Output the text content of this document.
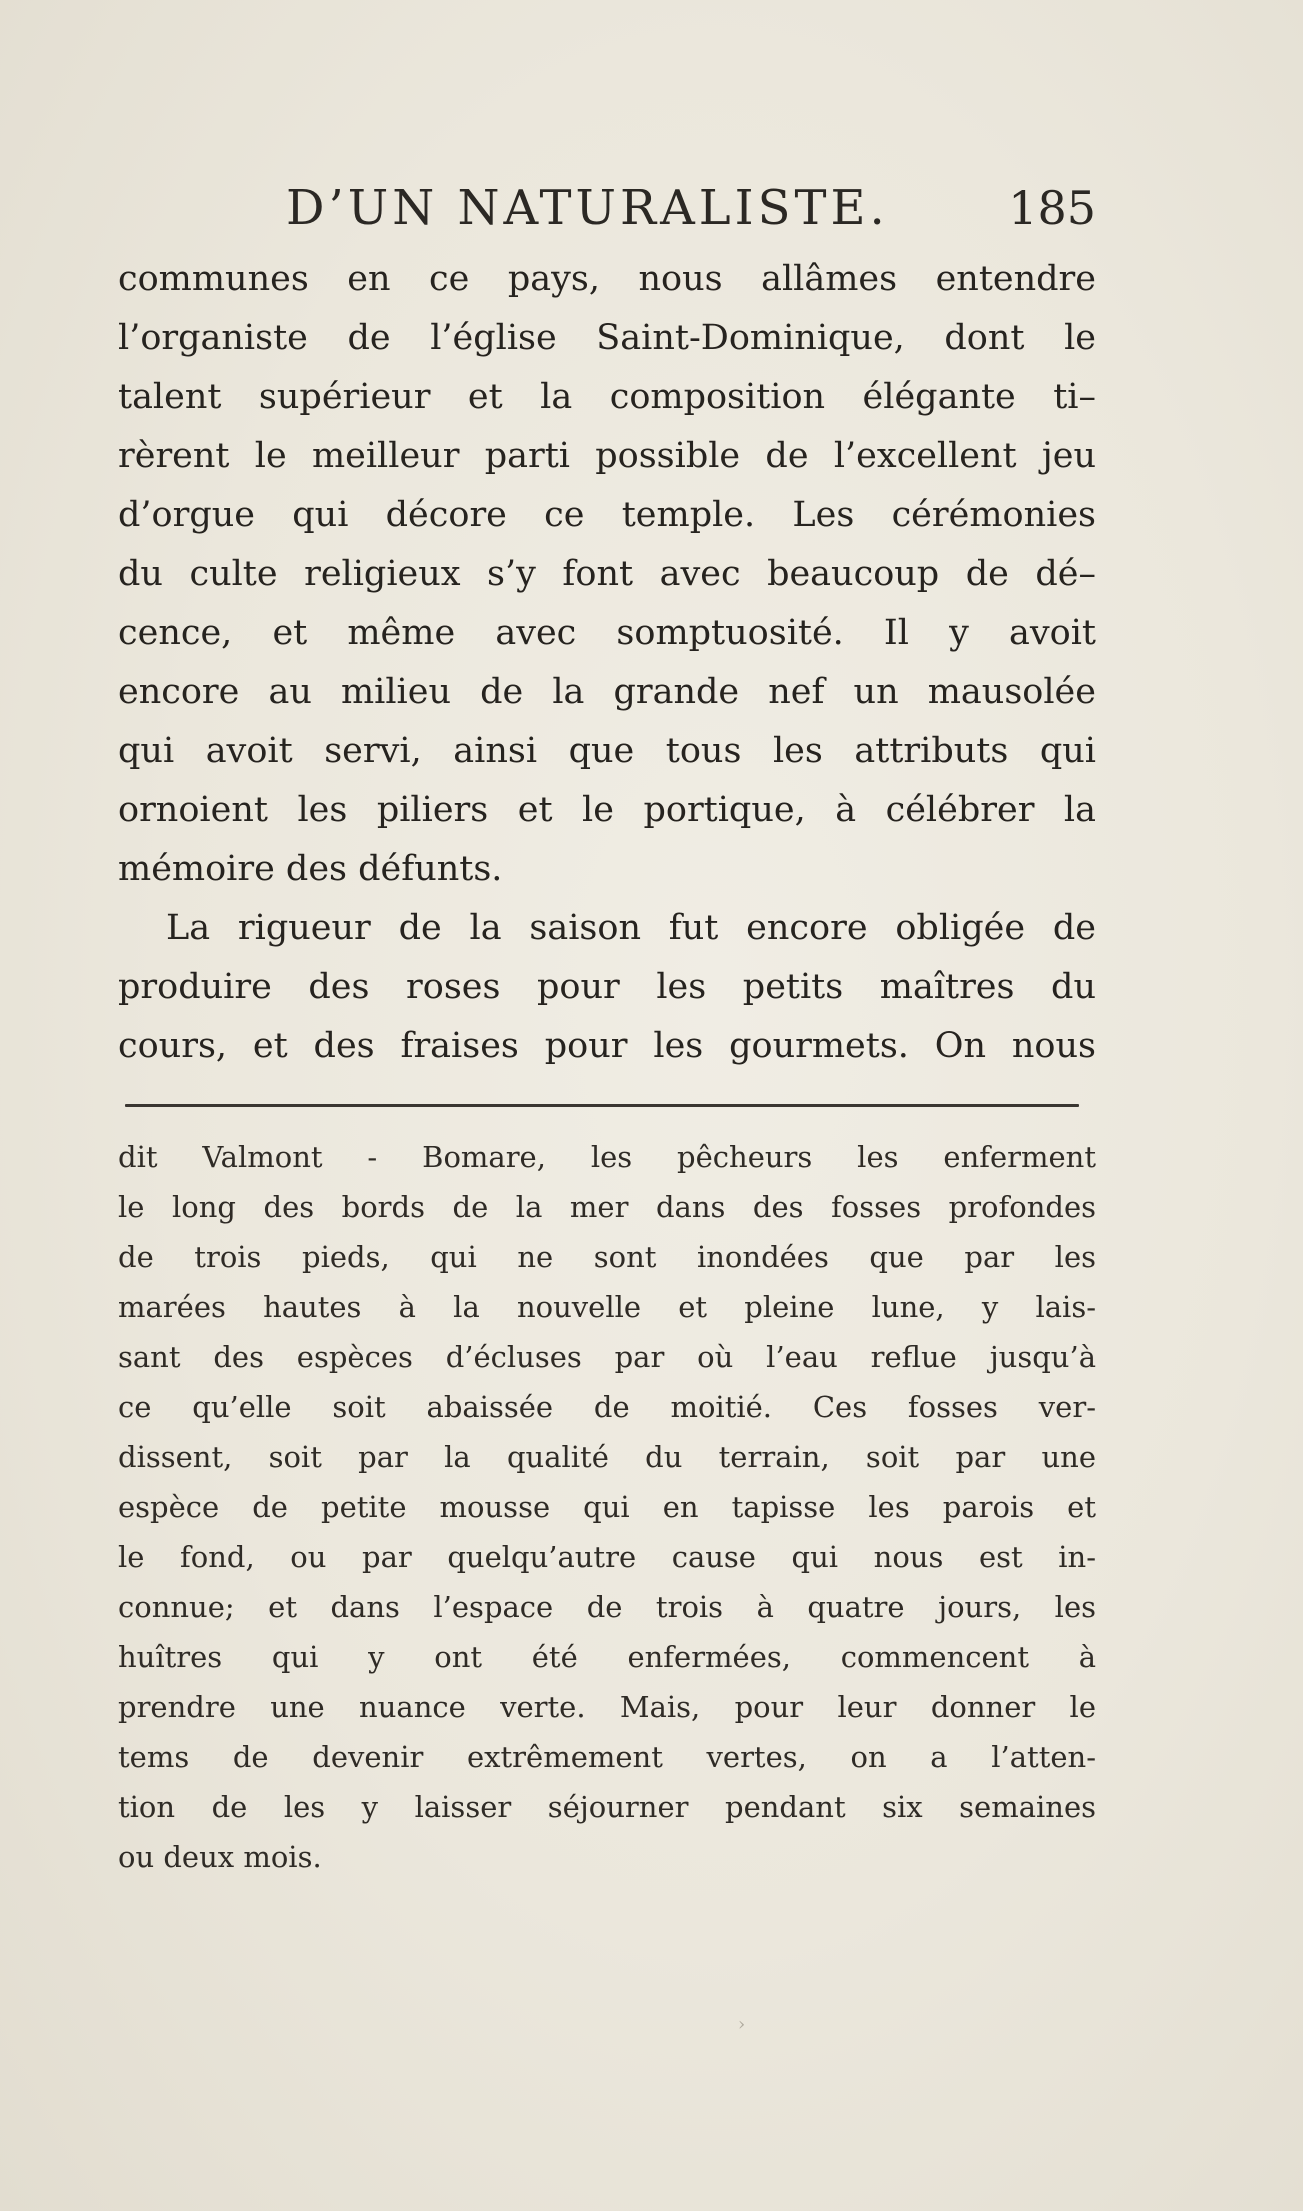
D’UN NATURALISTE.	185
communes en ce pays, nous allâmes entendre
l’organiste de l’église Saint-Dominique, dont le
talent supérieur et la composition élégante ti–
rèrent le meilleur parti possible de l’excellent jeu
d’orgue qui décore ce temple. Les cérémonies
du culte religieux s’y font avec beaucoup de dé–
cence, et même avec somptuosité. Il y avoit
encore au milieu de la grande nef un mausolée
qui avoit servi, ainsi que tous les attributs qui
ornoient les piliers et le portique, à célébrer la
mémoire des défunts.
La rigueur de la saison fut encore obligée de
produire des roses pour les petits maîtres du
cours, et des fraises pour les gourmets. On nous
dit Valmont - Bomare, les pêcheurs les enferment
le long des bords de la mer dans des fosses profondes
de trois pieds, qui ne sont inondées que par les
marées hautes à la nouvelle et pleine lune, y lais-
sant des espèces d’écluses par où l’eau reflue jusqu’à
ce qu’elle soit abaissée de moitié. Ces fosses ver-
dissent, soit par la qualité du terrain, soit par une
espèce de petite mousse qui en tapisse les parois et
le fond, ou par quelqu’autre cause qui nous est in-
connue; et dans l’espace de trois à quatre jours, les
huîtres qui y ont été enfermées, commencent à
prendre une nuance verte. Mais, pour leur donner le
tems de devenir extrêmement vertes, on a l’atten-
tion de les y laisser séjourner pendant six semaines
ou deux mois.
›
